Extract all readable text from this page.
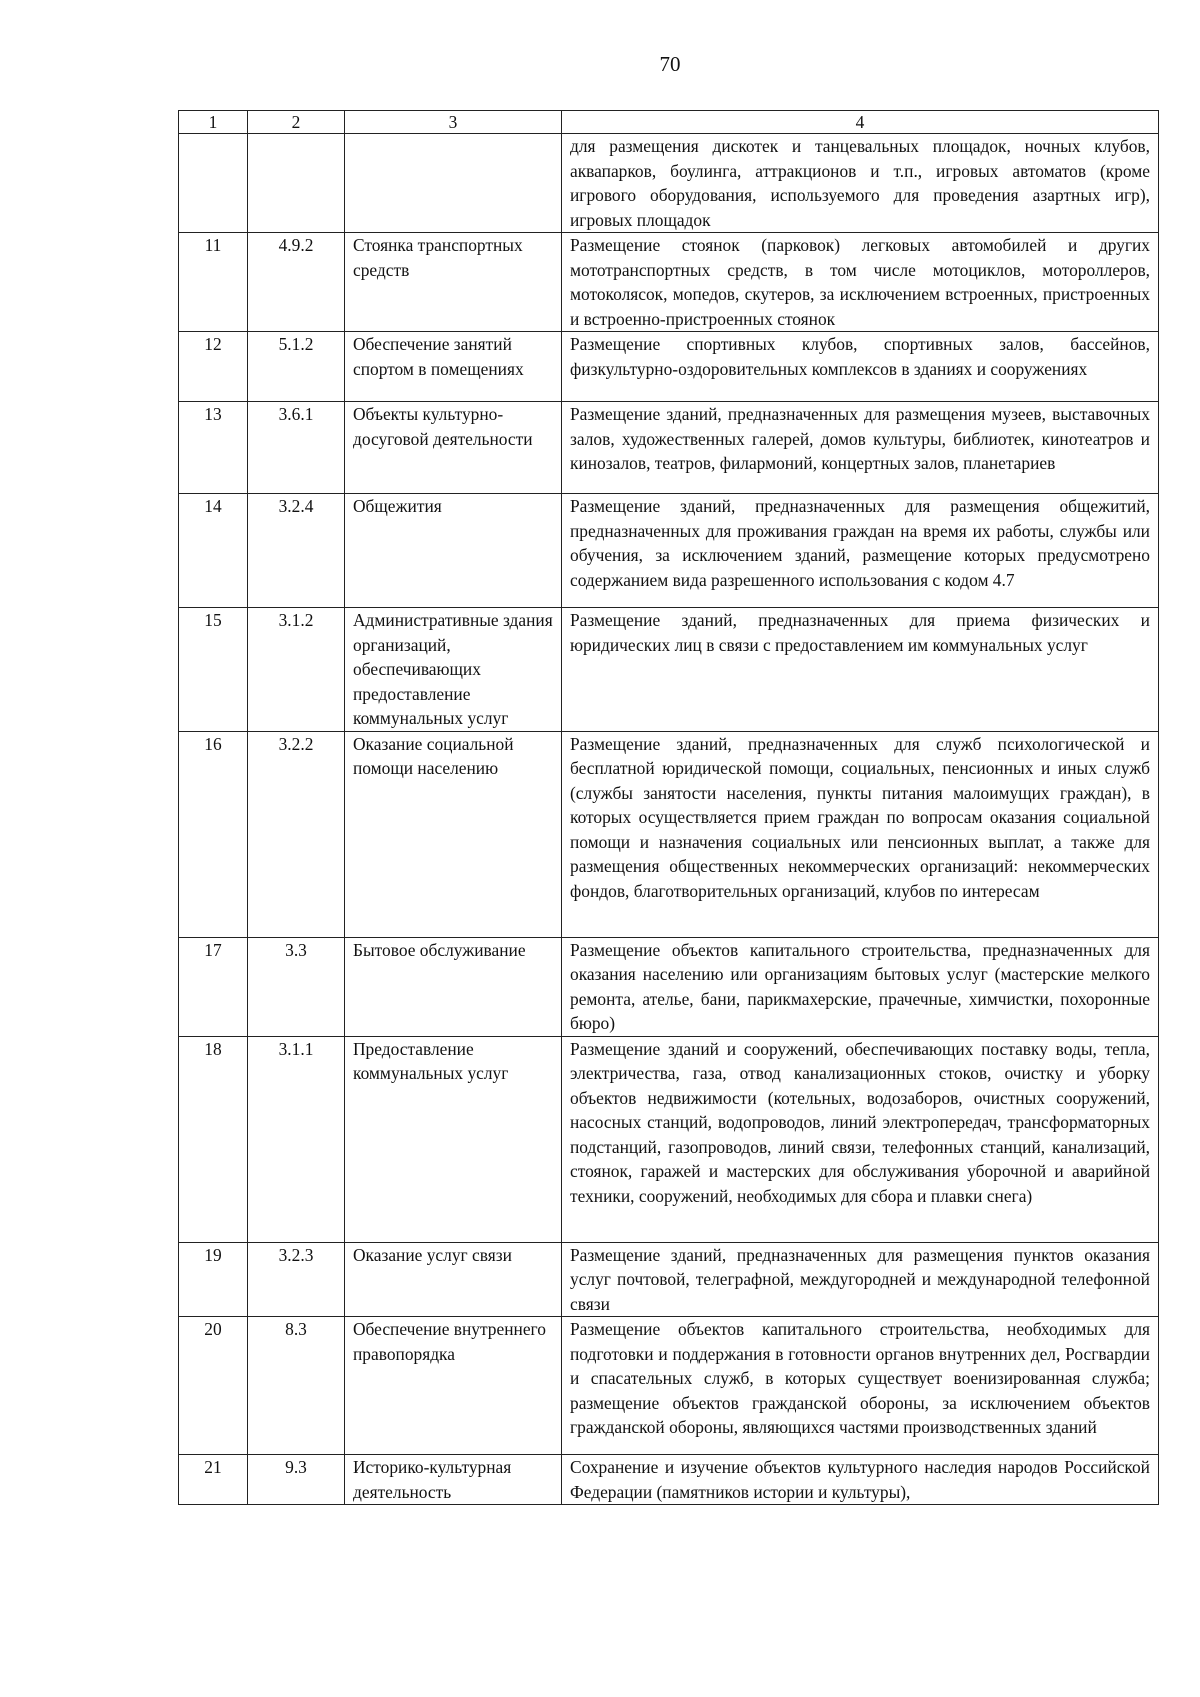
70
1	2	3	4
			для размещения дискотек и танцевальных площадок, ночных клубов, аквапарков, боулинга, аттракционов и т.п., игровых автоматов (кроме игрового оборудования, используемого для проведения азартных игр), игровых площадок
11	4.9.2	Стоянка транспортных средств	Размещение стоянок (парковок) легковых автомобилей и других мототранспортных средств, в том числе мотоциклов, мотороллеров, мотоколясок, мопедов, скутеров, за исключением встроенных, пристроенных и встроенно-пристроенных стоянок
12	5.1.2	Обеспечение занятий спортом в помещениях	Размещение спортивных клубов, спортивных залов, бассейнов, физкультурно-оздоровительных комплексов в зданиях и сооружениях
13	3.6.1	Объекты культурно-досуговой деятельности	Размещение зданий, предназначенных для размещения музеев, выставочных залов, художественных галерей, домов культуры, библиотек, кинотеатров и кинозалов, театров, филармоний, концертных залов, планетариев
14	3.2.4	Общежития	Размещение зданий, предназначенных для размещения общежитий, предназначенных для проживания граждан на время их работы, службы или обучения, за исключением зданий, размещение которых предусмотрено содержанием вида разрешенного использования с кодом 4.7
15	3.1.2	Административные здания организаций, обеспечивающих предоставление коммунальных услуг	Размещение зданий, предназначенных для приема физических и юридических лиц в связи с предоставлением им коммунальных услуг
16	3.2.2	Оказание социальной помощи населению	Размещение зданий, предназначенных для служб психологической и бесплатной юридической помощи, социальных, пенсионных и иных служб (службы занятости населения, пункты питания малоимущих граждан), в которых осуществляется прием граждан по вопросам оказания социальной помощи и назначения социальных или пенсионных выплат, а также для размещения общественных некоммерческих организаций: некоммерческих фондов, благотворительных организаций, клубов по интересам
17	3.3	Бытовое обслуживание	Размещение объектов капитального строительства, предназначенных для оказания населению или организациям бытовых услуг (мастерские мелкого ремонта, ателье, бани, парикмахерские, прачечные, химчистки, похоронные бюро)
18	3.1.1	Предоставление коммунальных услуг	Размещение зданий и сооружений, обеспечивающих поставку воды, тепла, электричества, газа, отвод канализационных стоков, очистку и уборку объектов недвижимости (котельных, водозаборов, очистных сооружений, насосных станций, водопроводов, линий электропередач, трансформаторных подстанций, газопроводов, линий связи, телефонных станций, канализаций, стоянок, гаражей и мастерских для обслуживания уборочной и аварийной техники, сооружений, необходимых для сбора и плавки снега)
19	3.2.3	Оказание услуг связи	Размещение зданий, предназначенных для размещения пунктов оказания услуг почтовой, телеграфной, междугородней и международной телефонной связи
20	8.3	Обеспечение внутреннего правопорядка	Размещение объектов капитального строительства, необходимых для подготовки и поддержания в готовности органов внутренних дел, Росгвардии и спасательных служб, в которых существует военизированная служба; размещение объектов гражданской обороны, за исключением объектов гражданской обороны, являющихся частями производственных зданий
21	9.3	Историко-культурная деятельность	Сохранение и изучение объектов культурного наследия народов Российской Федерации (памятников истории и культуры),
